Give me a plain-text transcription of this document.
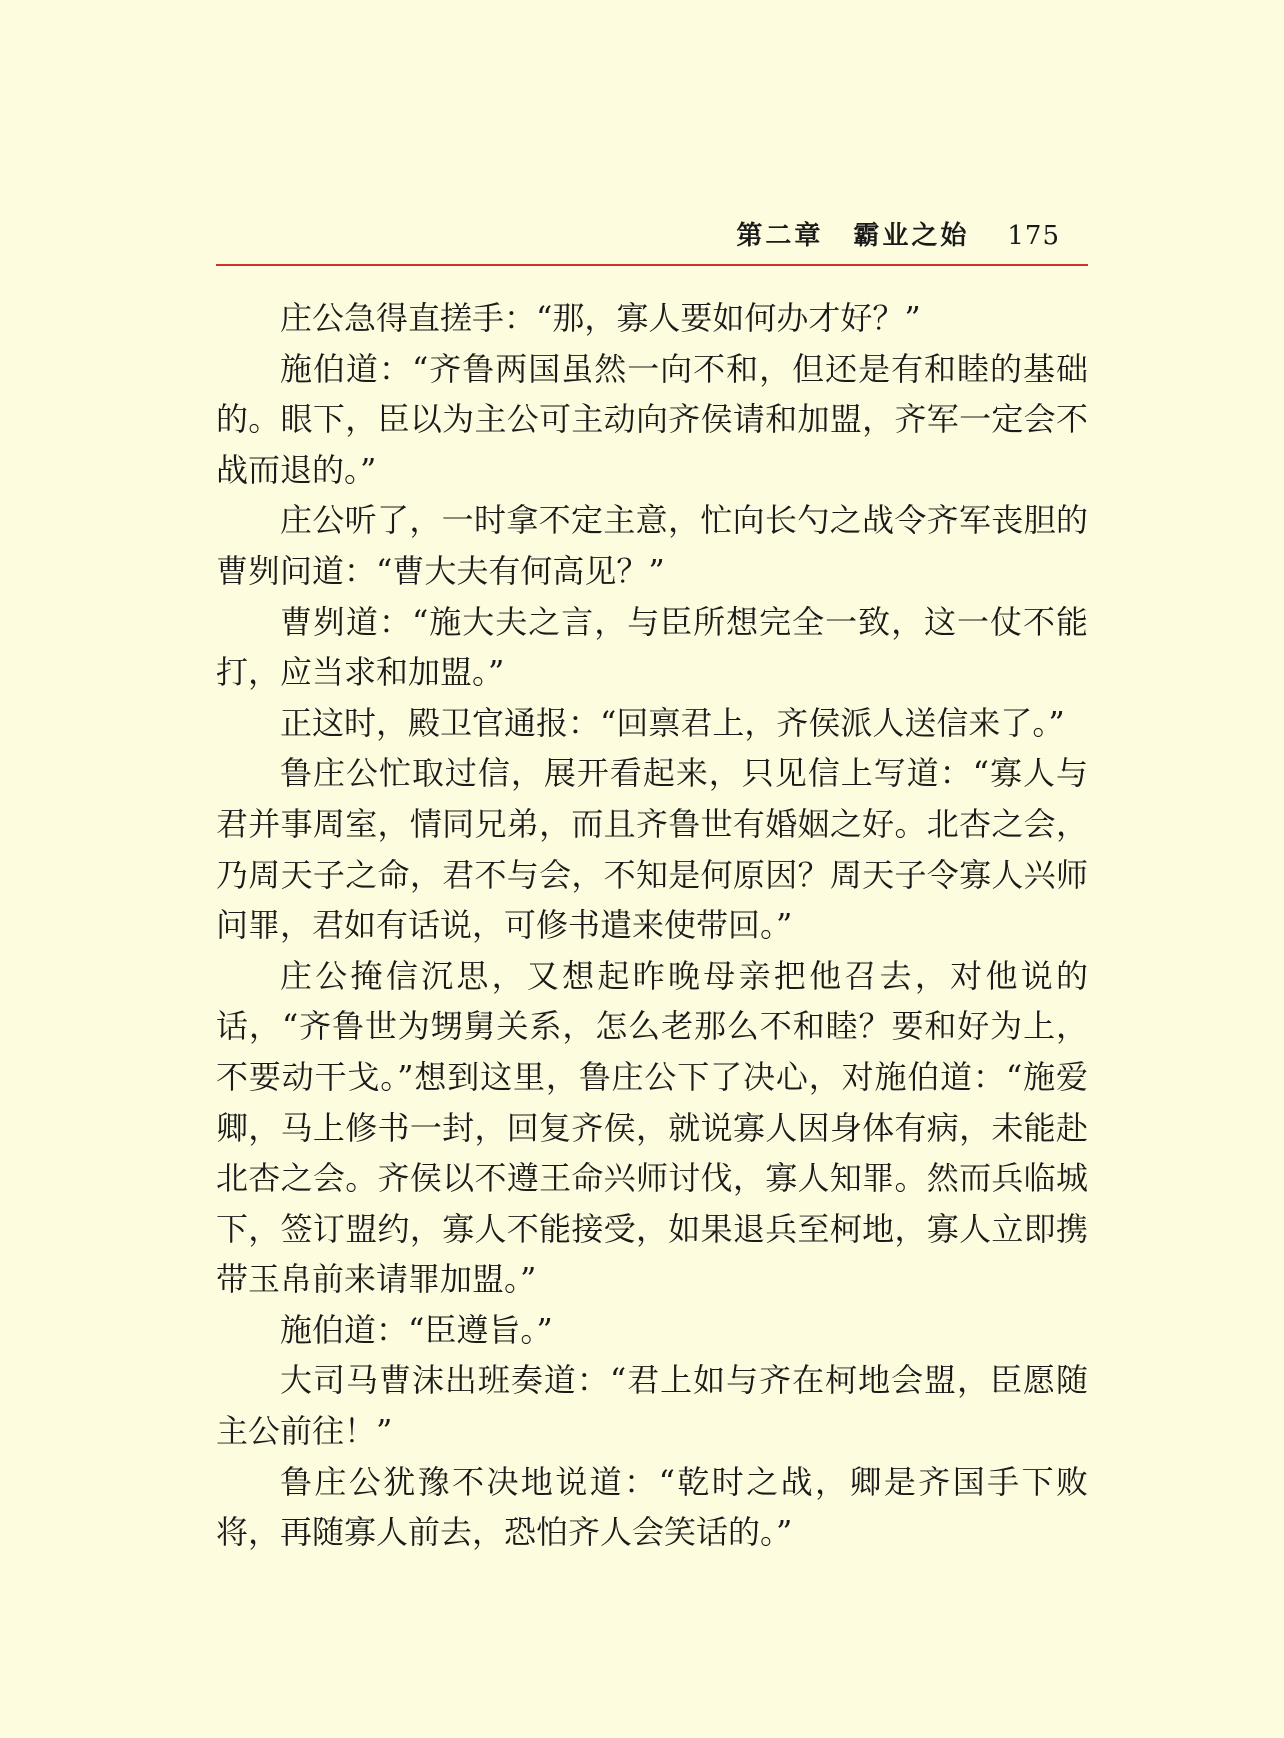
第二章 霸业之始 175

庄公急得直搓手：“那，寡人要如何办才好？”

施伯道：“齐鲁两国虽然一向不和，但还是有和睦的基础的。眼下，臣以为主公可主动向齐侯请和加盟，齐军一定会不战而退的。”

庄公听了，一时拿不定主意，忙向长勺之战令齐军丧胆的曹刿问道：“曹大夫有何高见？”

曹刿道：“施大夫之言，与臣所想完全一致，这一仗不能打，应当求和加盟。”

正这时，殿卫官通报：“回禀君上，齐侯派人送信来了。”

鲁庄公忙取过信，展开看起来，只见信上写道：“寡人与君并事周室，情同兄弟，而且齐鲁世有婚姻之好。北杏之会，乃周天子之命，君不与会，不知是何原因？周天子令寡人兴师问罪，君如有话说，可修书遣来使带回。”

庄公掩信沉思，又想起昨晚母亲把他召去，对他说的话，“齐鲁世为甥舅关系，怎么老那么不和睦？要和好为上，不要动干戈。”想到这里，鲁庄公下了决心，对施伯道：“施爱卿，马上修书一封，回复齐侯，就说寡人因身体有病，未能赴北杏之会。齐侯以不遵王命兴师讨伐，寡人知罪。然而兵临城下，签订盟约，寡人不能接受，如果退兵至柯地，寡人立即携带玉帛前来请罪加盟。”

施伯道：“臣遵旨。”

大司马曹沫出班奏道：“君上如与齐在柯地会盟，臣愿随主公前往！”

鲁庄公犹豫不决地说道：“乾时之战，卿是齐国手下败将，再随寡人前去，恐怕齐人会笑话的。”
